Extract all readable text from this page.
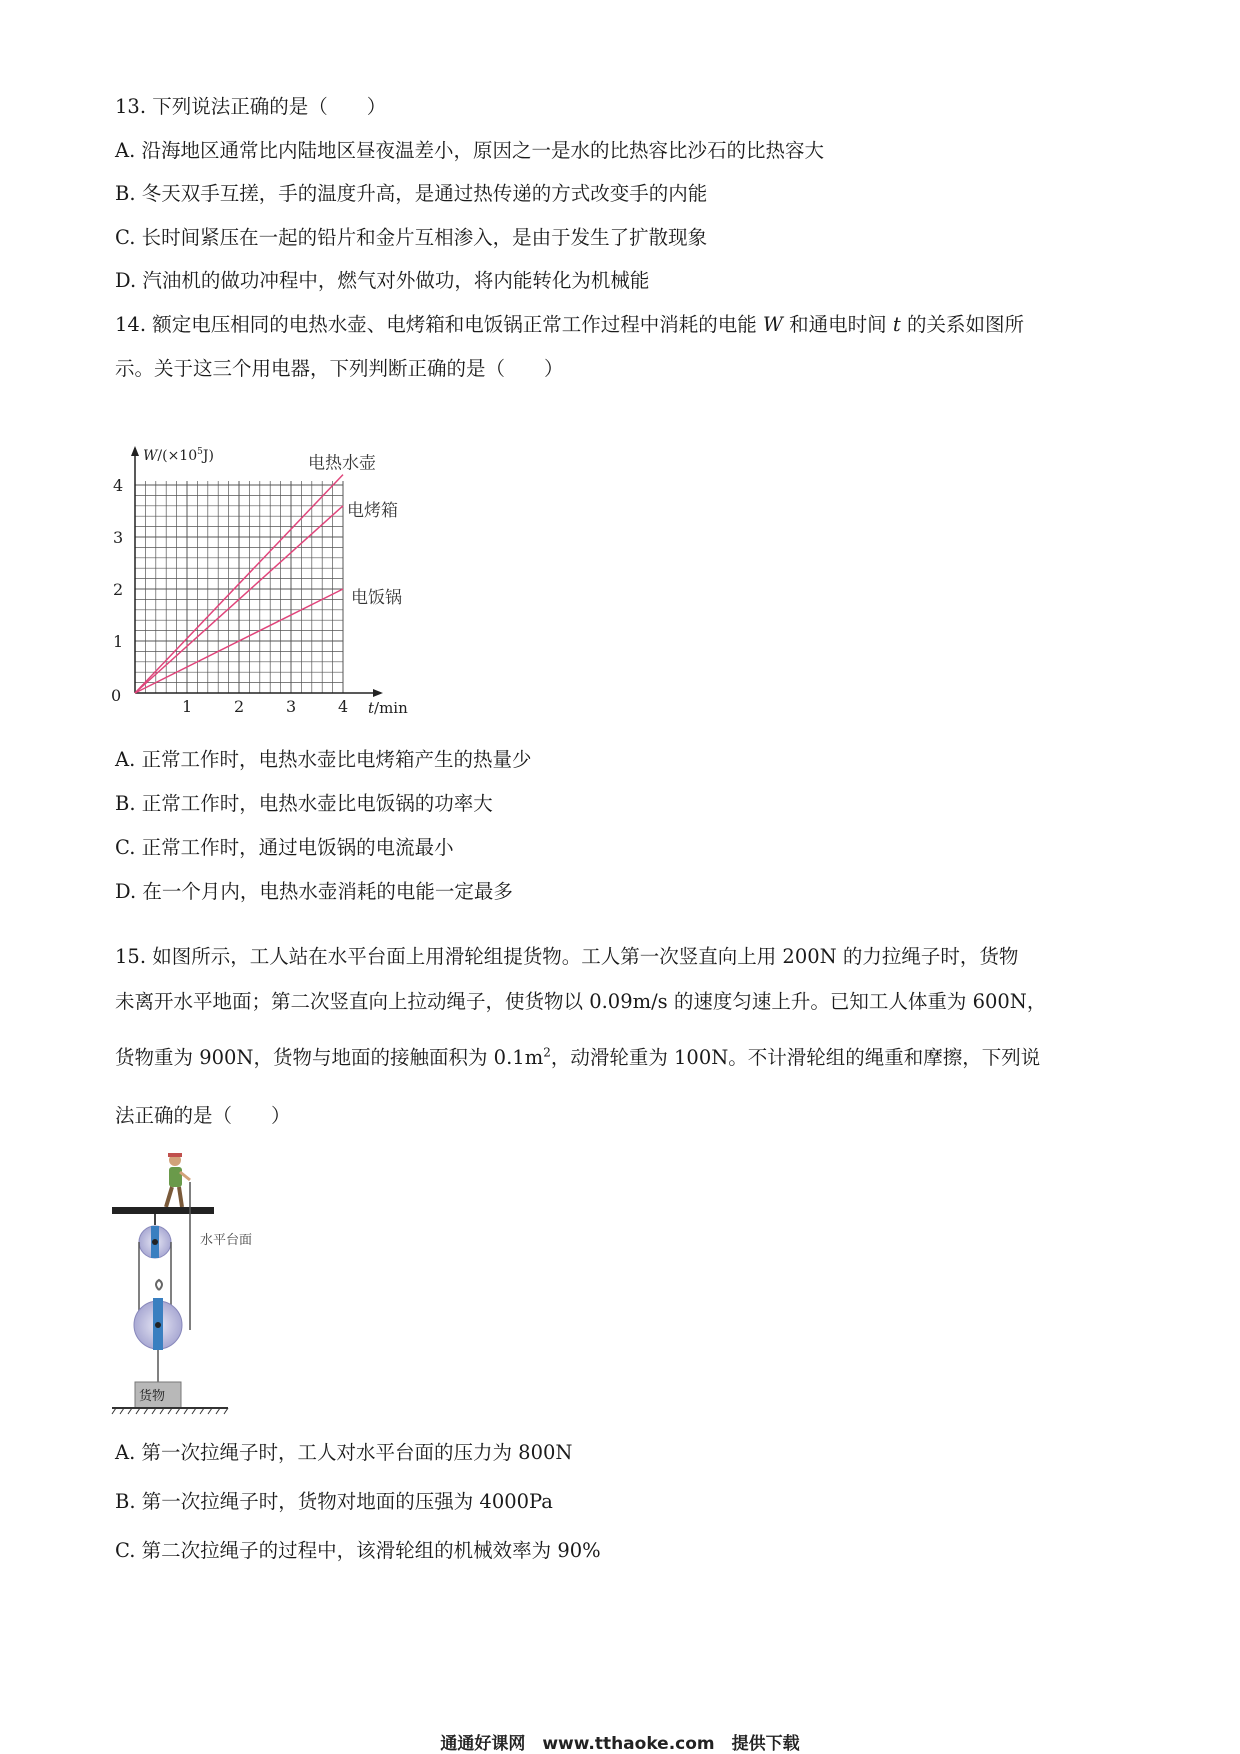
13. 下列说法正确的是（　　）
A. 沿海地区通常比内陆地区昼夜温差小，原因之一是水的比热容比沙石的比热容大
B. 冬天双手互搓，手的温度升高，是通过热传递的方式改变手的内能
C. 长时间紧压在一起的铅片和金片互相渗入，是由于发生了扩散现象
D. 汽油机的做功冲程中，燃气对外做功，将内能转化为机械能
14. 额定电压相同的电热水壶、电烤箱和电饭锅正常工作过程中消耗的电能 W 和通电时间 t 的关系如图所
示。关于这三个用电器，下列判断正确的是（　　）
1	2	3	4
1
2
3
4
0
$W/(\times 10^5J)$
t/min
电热水壶
电烤箱
电饭锅
A. 正常工作时，电热水壶比电烤箱产生的热量少
B. 正常工作时，电热水壶比电饭锅的功率大
C. 正常工作时，通过电饭锅的电流最小
D. 在一个月内，电热水壶消耗的电能一定最多
15. 如图所示，工人站在水平台面上用滑轮组提货物。工人第一次竖直向上用 200N 的力拉绳子时，货物
未离开水平地面；第二次竖直向上拉动绳子，使货物以 0.09m/s 的速度匀速上升。已知工人体重为 600N，
货物重为 900N，货物与地面的接触面积为 $0.1m^2$，动滑轮重为 100N。不计滑轮组的绳重和摩擦，下列说
法正确的是（　　）
水平台面
货物
A. 第一次拉绳子时，工人对水平台面的压力为 800N
B. 第一次拉绳子时，货物对地面的压强为 4000Pa
C. 第二次拉绳子的过程中，该滑轮组的机械效率为 90%
通通好课网　www.tthaoke.com　提供下载
